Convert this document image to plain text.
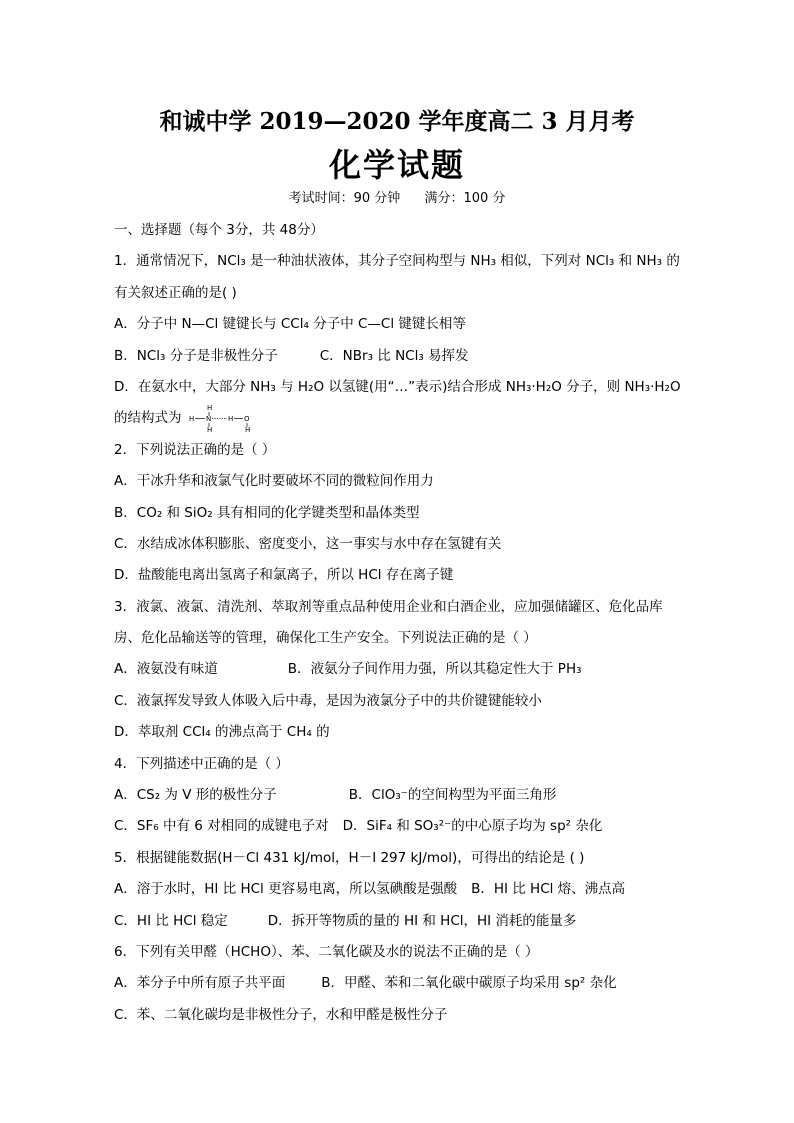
和诚中学 2019—2020 学年度高二 3 月月考
化学试题
考试时间：90 分钟 满分：100 分
一、选择题（每个 3分，共 48分）
1．通常情况下，NCl₃ 是一种油状液体，其分子空间构型与 NH₃ 相似，下列对 NCl₃ 和 NH₃ 的
有关叙述正确的是( )
A．分子中 N—Cl 键键长与 CCl₄ 分子中 C—Cl 键键长相等
B．NCl₃ 分子是非极性分子	C．NBr₃ 比 NCl₃ 易挥发
D．在氨水中，大部分 NH₃ 与 H₂O 以氢键(用“…”表示)结合形成 NH₃·H₂O 分子，则 NH₃·H₂O
的结构式为 H N
H
H
H O
H
2．下列说法正确的是（ ）
A．干冰升华和液氯气化时要破坏不同的微粒间作用力
B．CO₂ 和 SiO₂ 具有相同的化学键类型和晶体类型
C．水结成冰体积膨胀、密度变小，这一事实与水中存在氢键有关
D．盐酸能电离出氢离子和氯离子，所以 HCl 存在离子键
3．液氯、液氯、清洗剂、萃取剂等重点品种使用企业和白酒企业，应加强储罐区、危化品库
房、危化品输送等的管理，确保化工生产安全。下列说法正确的是（ ）
A．液氨没有味道	B．液氨分子间作用力强，所以其稳定性大于 PH₃
C．液氯挥发导致人体吸入后中毒，是因为液氯分子中的共价键键能较小
D．萃取剂 CCl₄ 的沸点高于 CH₄ 的
4．下列描述中正确的是（ ）
A．CS₂ 为 V 形的极性分子	B．ClO₃⁻的空间构型为平面三角形
C．SF₆ 中有 6 对相同的成键电子对 D．SiF₄ 和 SO₃²⁻的中心原子均为 sp² 杂化
5．根据键能数据(H－Cl 431 kJ/mol，H－I 297 kJ/mol)，可得出的结论是 ( )
A．溶于水时，HI 比 HCl 更容易电离，所以氢碘酸是强酸 B．HI 比 HCl 熔、沸点高
C．HI 比 HCl 稳定	D．拆开等物质的量的 HI 和 HCl，HI 消耗的能量多
6．下列有关甲醛（HCHO）、苯、二氧化碳及水的说法不正确的是（ ）
A．苯分子中所有原子共平面	B．甲醛、苯和二氧化碳中碳原子均采用 sp² 杂化
C．苯、二氧化碳均是非极性分子，水和甲醛是极性分子
